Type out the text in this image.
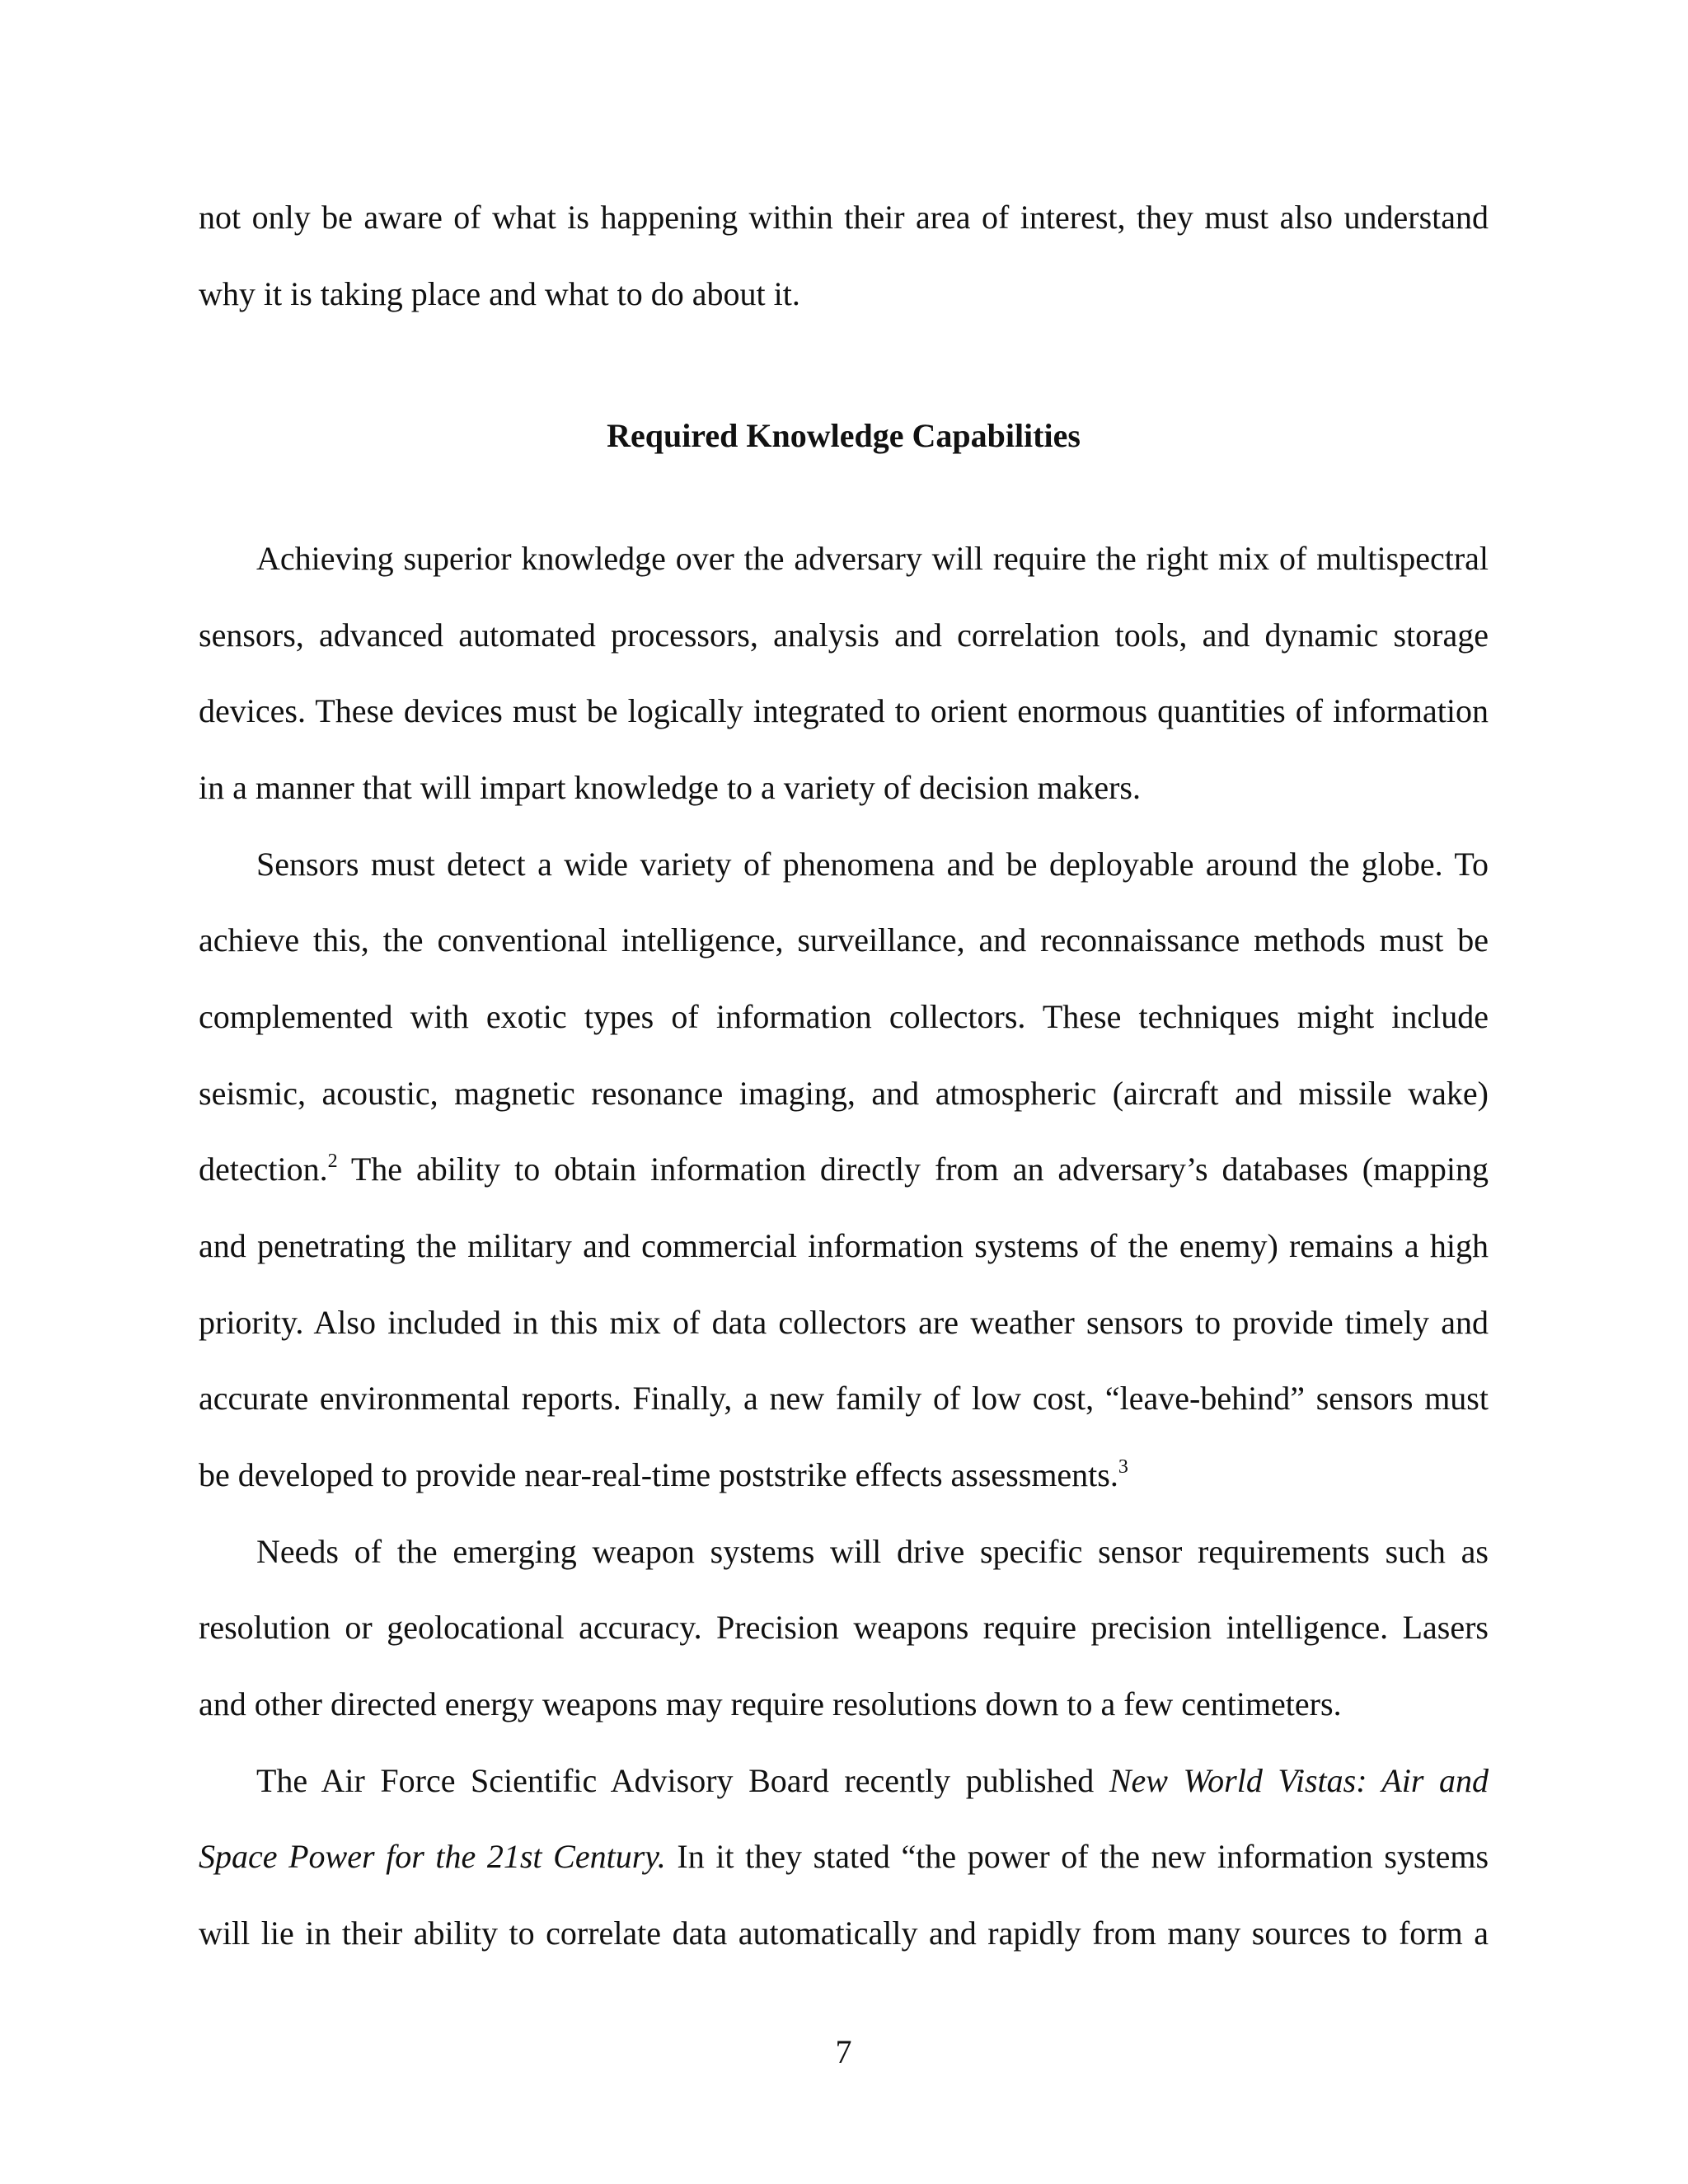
not only be aware of what is happening within their area of interest, they must also understand
why it is taking place and what to do about it.
Required Knowledge Capabilities
Achieving superior knowledge over the adversary will require the right mix of multispectral
sensors, advanced automated processors, analysis and correlation tools, and dynamic storage
devices. These devices must be logically integrated to orient enormous quantities of information
in a manner that will impart knowledge to a variety of decision makers.
Sensors must detect a wide variety of phenomena and be deployable around the globe. To
achieve this, the conventional intelligence, surveillance, and reconnaissance methods must be
complemented with exotic types of information collectors. These techniques might include
seismic, acoustic, magnetic resonance imaging, and atmospheric (aircraft and missile wake)
detection.$^2$ The ability to obtain information directly from an adversary’s databases (mapping
and penetrating the military and commercial information systems of the enemy) remains a high
priority. Also included in this mix of data collectors are weather sensors to provide timely and
accurate environmental reports. Finally, a new family of low cost, “leave-behind” sensors must
be developed to provide near-real-time poststrike effects assessments.$^3$
Needs of the emerging weapon systems will drive specific sensor requirements such as
resolution or geolocational accuracy. Precision weapons require precision intelligence. Lasers
and other directed energy weapons may require resolutions down to a few centimeters.
The Air Force Scientific Advisory Board recently published New World Vistas: Air and
Space Power for the 21st Century. In it they stated “the power of the new information systems
will lie in their ability to correlate data automatically and rapidly from many sources to form a
7
